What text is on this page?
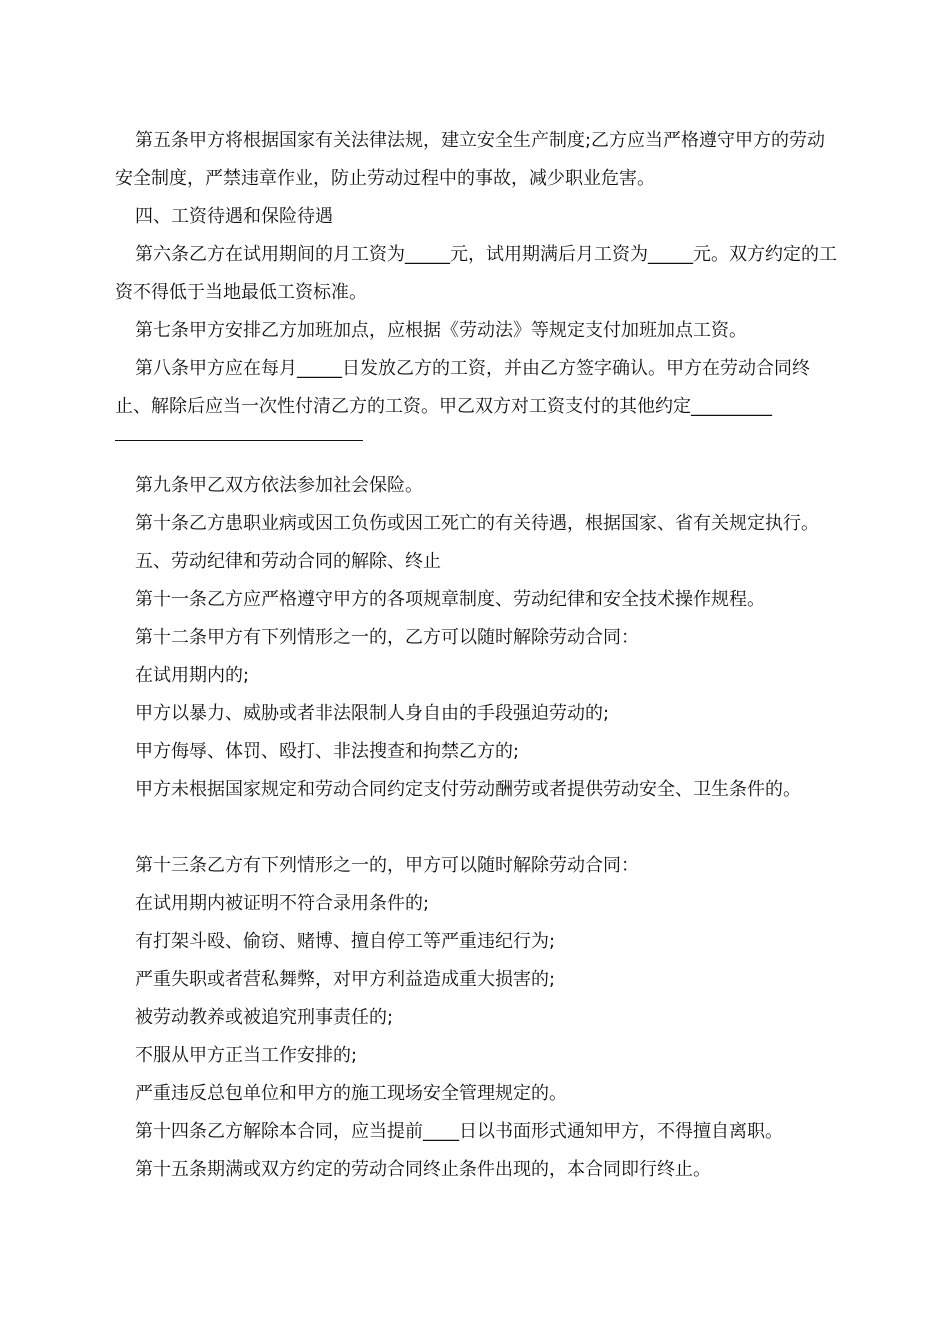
第五条甲方将根据国家有关法律法规，建立安全生产制度;乙方应当严格遵守甲方的劳动安全制度，严禁违章作业，防止劳动过程中的事故，减少职业危害。

四、工资待遇和保险待遇

第六条乙方在试用期间的月工资为_____元，试用期满后月工资为_____元。双方约定的工资不得低于当地最低工资标准。

第七条甲方安排乙方加班加点，应根据《劳动法》等规定支付加班加点工资。

第八条甲方应在每月_____日发放乙方的工资，并由乙方签字确认。甲方在劳动合同终止、解除后应当一次性付清乙方的工资。甲乙双方对工资支付的其他约定_________

第九条甲乙双方依法参加社会保险。

第十条乙方患职业病或因工负伤或因工死亡的有关待遇，根据国家、省有关规定执行。

五、劳动纪律和劳动合同的解除、终止

第十一条乙方应严格遵守甲方的各项规章制度、劳动纪律和安全技术操作规程。

第十二条甲方有下列情形之一的，乙方可以随时解除劳动合同：

在试用期内的;

甲方以暴力、威胁或者非法限制人身自由的手段强迫劳动的;

甲方侮辱、体罚、殴打、非法搜查和拘禁乙方的;

甲方未根据国家规定和劳动合同约定支付劳动酬劳或者提供劳动安全、卫生条件的。

第十三条乙方有下列情形之一的，甲方可以随时解除劳动合同：

在试用期内被证明不符合录用条件的;

有打架斗殴、偷窃、赌博、擅自停工等严重违纪行为;

严重失职或者营私舞弊，对甲方利益造成重大损害的;

被劳动教养或被追究刑事责任的;

不服从甲方正当工作安排的;

严重违反总包单位和甲方的施工现场安全管理规定的。

第十四条乙方解除本合同，应当提前____日以书面形式通知甲方，不得擅自离职。

第十五条期满或双方约定的劳动合同终止条件出现的，本合同即行终止。
